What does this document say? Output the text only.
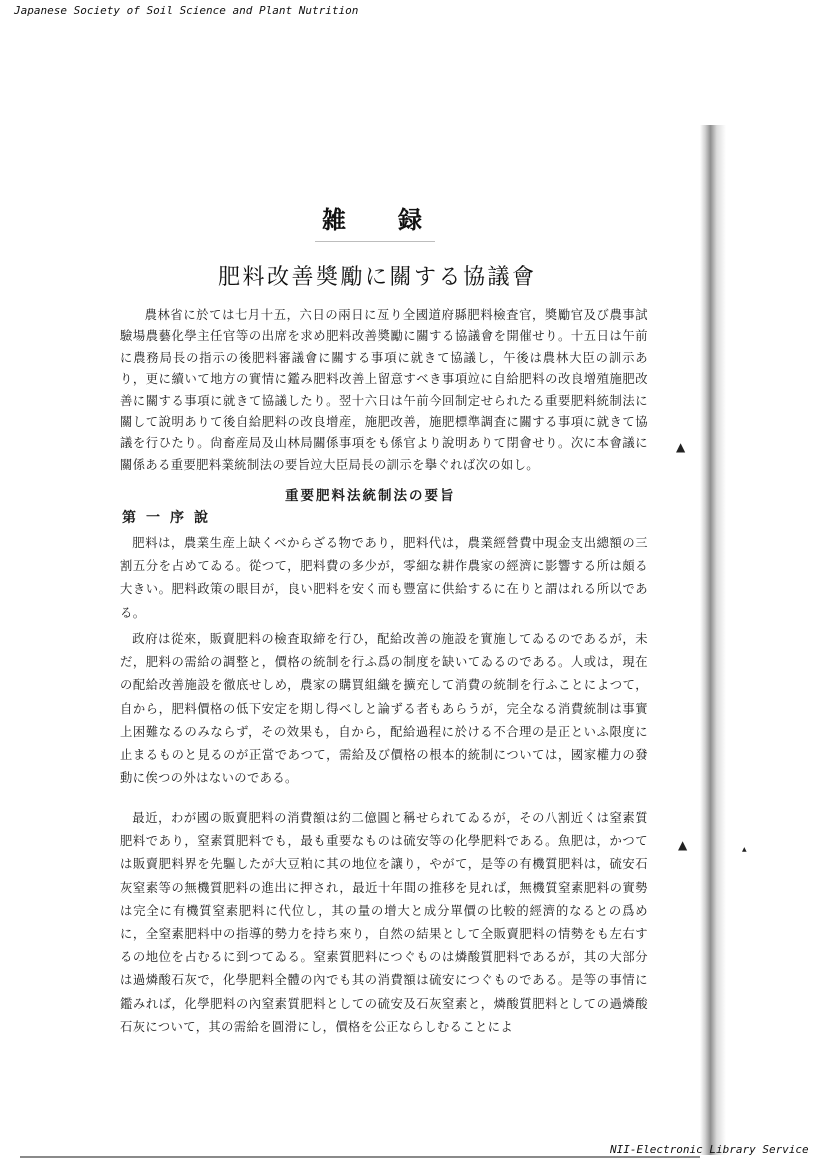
Japanese Society of Soil Science and Plant Nutrition
▲
▲	▲
雑録
肥料改善奬勵に關する協議會

農林省に於ては七月十五，六日の兩日に亙り全國道府縣肥料檢査官，奬勵官及び農事試驗場農藝化學主任官等の出席を求め肥料改善奬勵に關する協議會を開催せり。十五日は午前に農務局長の指示の後肥料審議會に關する事項に就きて協議し，午後は農林大臣の訓示あり，更に續いて地方の實情に鑑み肥料改善上留意すべき事項竝に自給肥料の改良增殖施肥改善に關する事項に就きて協議したり。翌十六日は午前今回制定せられたる重要肥料統制法に關して說明ありて後自給肥料の改良增産，施肥改善，施肥標準調査に關する事項に就きて協議を行ひたり。尙畜産局及山林局關係事項をも係官より說明ありて閉會せり。次に本會議に關係ある重要肥料業統制法の要旨竝大臣局長の訓示を擧ぐれば次の如し。

重要肥料法統制法の要旨
第一序說

肥料は，農業生産上缺くべからざる物であり，肥料代は，農業經營費中現金支出總額の三割五分を占めてゐる。從つて，肥料費の多少が，零細な耕作農家の經濟に影響する所は頗る大きい。肥料政策の眼目が，良い肥料を安く而も豐富に供給するに在りと謂はれる所以である。

政府は從來，販賣肥料の檢査取締を行ひ，配給改善の施設を實施してゐるのであるが，未だ，肥料の需給の調整と，價格の統制を行ふ爲の制度を缺いてゐるのである。人或は，現在の配給改善施設を徹底せしめ，農家の購買組織を擴充して消費の統制を行ふことによつて，自から，肥料價格の低下安定を期し得べしと論ずる者もあらうが，完全なる消費統制は事實上困難なるのみならず，その效果も，自から，配給過程に於ける不合理の是正といふ限度に止まるものと見るのが正當であつて，需給及び價格の根本的統制については，國家權力の發動に俟つの外はないのである。

最近，わが國の販賣肥料の消費額は約二億圓と稱せられてゐるが，その八割近くは窒素質肥料であり，窒素質肥料でも，最も重要なものは硫安等の化學肥料である。魚肥は，かつては販賣肥料界を先驅したが大豆粕に其の地位を讓り，やがて，是等の有機質肥料は，硫安石灰窒素等の無機質肥料の進出に押され，最近十年間の推移を見れば，無機質窒素肥料の實勢は完全に有機質窒素肥料に代位し，其の量の增大と成分單價の比較的經濟的なるとの爲めに，全窒素肥料中の指導的勢力を持ち來り，自然の結果として全販賣肥料の情勢をも左右するの地位を占むるに到つてゐる。窒素質肥料につぐものは燐酸質肥料であるが，其の大部分は過燐酸石灰で，化學肥料全體の內でも其の消費額は硫安につぐものである。是等の事情に鑑みれば，化學肥料の內窒素質肥料としての硫安及石灰窒素と，燐酸質肥料としての過燐酸石灰について，其の需給を圓滑にし，價格を公正ならしむることによ

NII-Electronic Library Service
